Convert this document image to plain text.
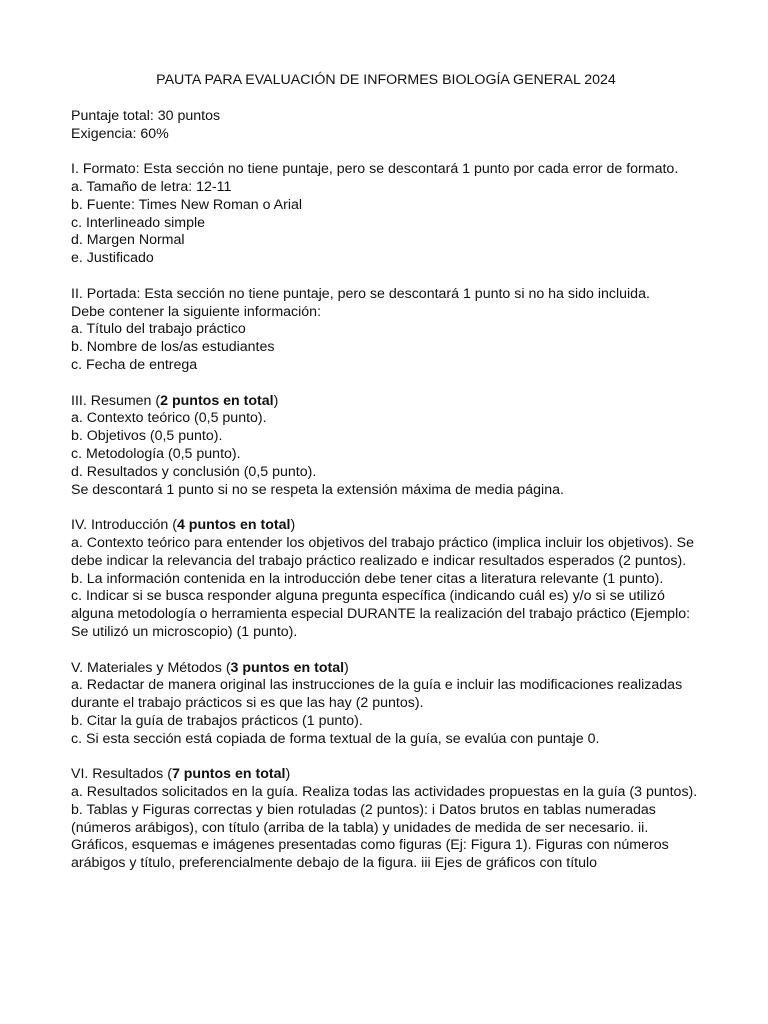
PAUTA PARA EVALUACIÓN DE INFORMES BIOLOGÍA GENERAL 2024
Puntaje total: 30 puntos
Exigencia: 60%
I. Formato: Esta sección no tiene puntaje, pero se descontará 1 punto por cada error de formato.
a. Tamaño de letra: 12-11
b. Fuente: Times New Roman o Arial
c. Interlineado simple
d. Margen Normal
e. Justificado
II. Portada: Esta sección no tiene puntaje, pero se descontará 1 punto si no ha sido incluida.
Debe contener la siguiente información:
a. Título del trabajo práctico
b. Nombre de los/as estudiantes
c. Fecha de entrega
III. Resumen (2 puntos en total)
a. Contexto teórico (0,5 punto).
b. Objetivos (0,5 punto).
c. Metodología (0,5 punto).
d. Resultados y conclusión (0,5 punto).
Se descontará 1 punto si no se respeta la extensión máxima de media página.
IV. Introducción (4 puntos en total)
a. Contexto teórico para entender los objetivos del trabajo práctico (implica incluir los objetivos). Se debe indicar la relevancia del trabajo práctico realizado e indicar resultados esperados (2 puntos).
b. La información contenida en la introducción debe tener citas a literatura relevante (1 punto).
c. Indicar si se busca responder alguna pregunta específica (indicando cuál es) y/o si se utilizó alguna metodología o herramienta especial DURANTE la realización del trabajo práctico (Ejemplo: Se utilizó un microscopio) (1 punto).
V. Materiales y Métodos (3 puntos en total)
a. Redactar de manera original las instrucciones de la guía e incluir las modificaciones realizadas durante el trabajo prácticos si es que las hay (2 puntos).
b. Citar la guía de trabajos prácticos (1 punto).
c. Si esta sección está copiada de forma textual de la guía, se evalúa con puntaje 0.
VI. Resultados (7 puntos en total)
a. Resultados solicitados en la guía. Realiza todas las actividades propuestas en la guía (3 puntos).
b. Tablas y Figuras correctas y bien rotuladas (2 puntos): i Datos brutos en tablas numeradas (números arábigos), con título (arriba de la tabla) y unidades de medida de ser necesario. ii. Gráficos, esquemas e imágenes presentadas como figuras (Ej: Figura 1). Figuras con números arábigos y título, preferencialmente debajo de la figura. iii Ejes de gráficos con título
